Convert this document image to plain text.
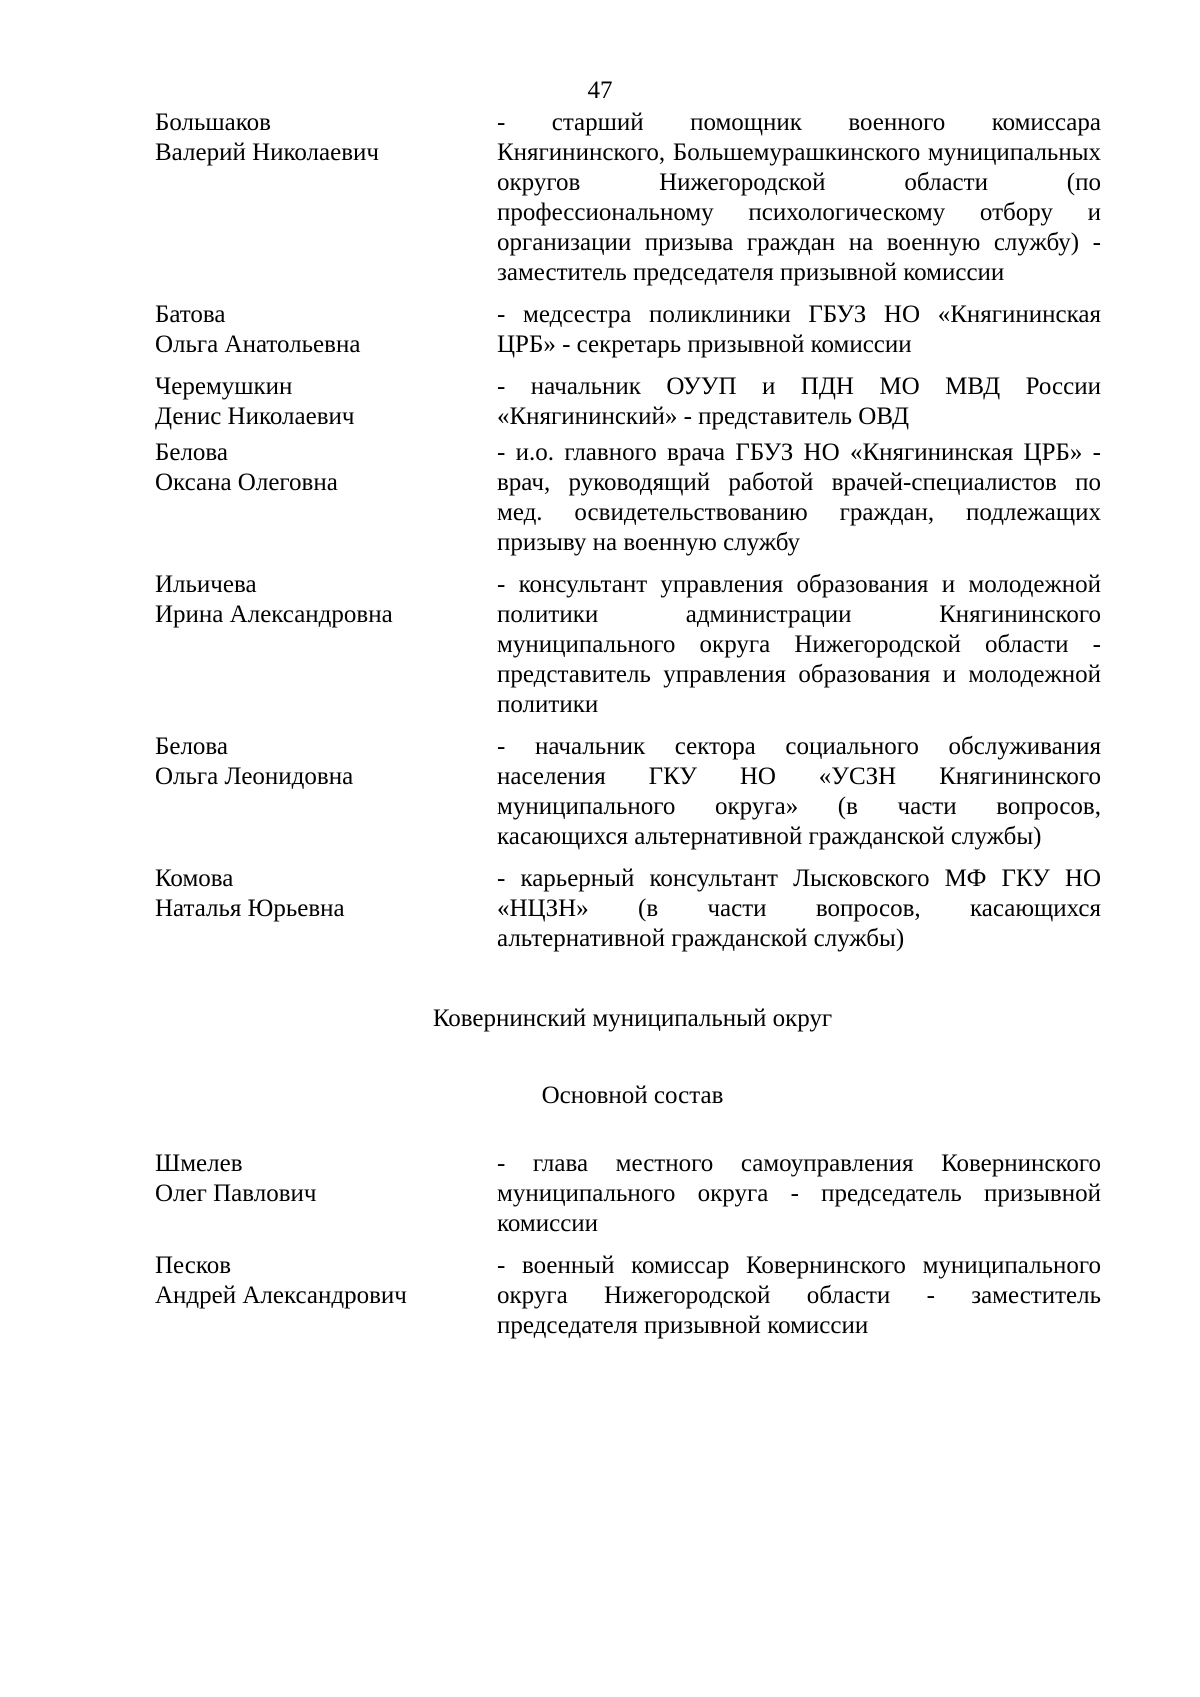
47
Большаков
Валерий Николаевич
- старший помощник военного комиссара Княгининского, Большемурашкинского муниципальных округов Нижегородской области (по профессиональному психологическому отбору и организации призыва граждан на военную службу) - заместитель председателя призывной комиссии
Батова
Ольга Анатольевна
- медсестра поликлиники ГБУЗ НО «Княгининская ЦРБ» - секретарь призывной комиссии
Черемушкин
Денис Николаевич
- начальник ОУУП и ПДН МО МВД России «Княгининский» - представитель ОВД
Белова
Оксана Олеговна
- и.о. главного врача ГБУЗ НО «Княгининская ЦРБ» - врач, руководящий работой врачей-специалистов по мед. освидетельствованию граждан, подлежащих призыву на военную службу
Ильичева
Ирина Александровна
- консультант управления образования и молодежной политики администрации Княгининского муниципального округа Нижегородской области - представитель управления образования и молодежной политики
Белова
Ольга Леонидовна
- начальник сектора социального обслуживания населения ГКУ НО «УСЗН Княгининского муниципального округа» (в части вопросов, касающихся альтернативной гражданской службы)
Комова
Наталья Юрьевна
- карьерный консультант Лысковского МФ ГКУ НО «НЦЗН» (в части вопросов, касающихся альтернативной гражданской службы)
Ковернинский муниципальный округ
Основной состав
Шмелев
Олег Павлович
- глава местного самоуправления Ковернинского муниципального округа - председатель призывной комиссии
Песков
Андрей Александрович
- военный комиссар Ковернинского муниципального округа Нижегородской области - заместитель председателя призывной комиссии
